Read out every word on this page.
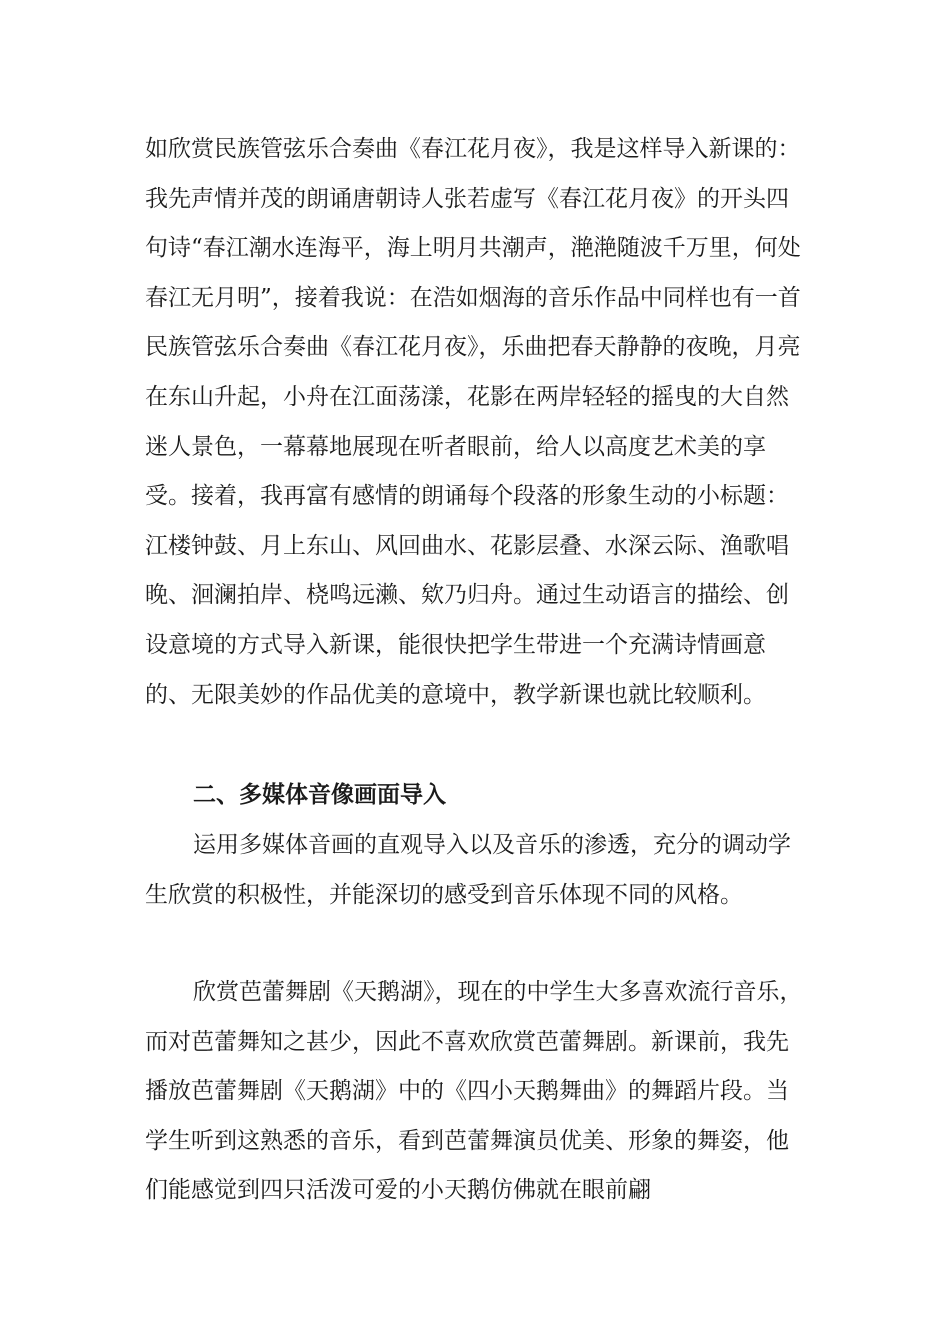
如欣赏民族管弦乐合奏曲《春江花月夜》，我是这样导入新课的：我先声情并茂的朗诵唐朝诗人张若虚写《春江花月夜》的开头四句诗“春江潮水连海平，海上明月共潮声，滟滟随波千万里，何处春江无月明”，接着我说：在浩如烟海的音乐作品中同样也有一首民族管弦乐合奏曲《春江花月夜》，乐曲把春天静静的夜晚，月亮在东山升起，小舟在江面荡漾，花影在两岸轻轻的摇曳的大自然迷人景色，一幕幕地展现在听者眼前，给人以高度艺术美的享受。接着，我再富有感情的朗诵每个段落的形象生动的小标题：江楼钟鼓、月上东山、风回曲水、花影层叠、水深云际、渔歌唱晚、洄澜拍岸、桡鸣远濑、欸乃归舟。通过生动语言的描绘、创设意境的方式导入新课，能很快把学生带进一个充满诗情画意的、无限美妙的作品优美的意境中，教学新课也就比较顺利。

二、多媒体音像画面导入

运用多媒体音画的直观导入以及音乐的渗透，充分的调动学生欣赏的积极性，并能深切的感受到音乐体现不同的风格。

欣赏芭蕾舞剧《天鹅湖》，现在的中学生大多喜欢流行音乐，而对芭蕾舞知之甚少，因此不喜欢欣赏芭蕾舞剧。新课前，我先播放芭蕾舞剧《天鹅湖》中的《四小天鹅舞曲》的舞蹈片段。当学生听到这熟悉的音乐，看到芭蕾舞演员优美、形象的舞姿，他们能感觉到四只活泼可爱的小天鹅仿佛就在眼前翩
